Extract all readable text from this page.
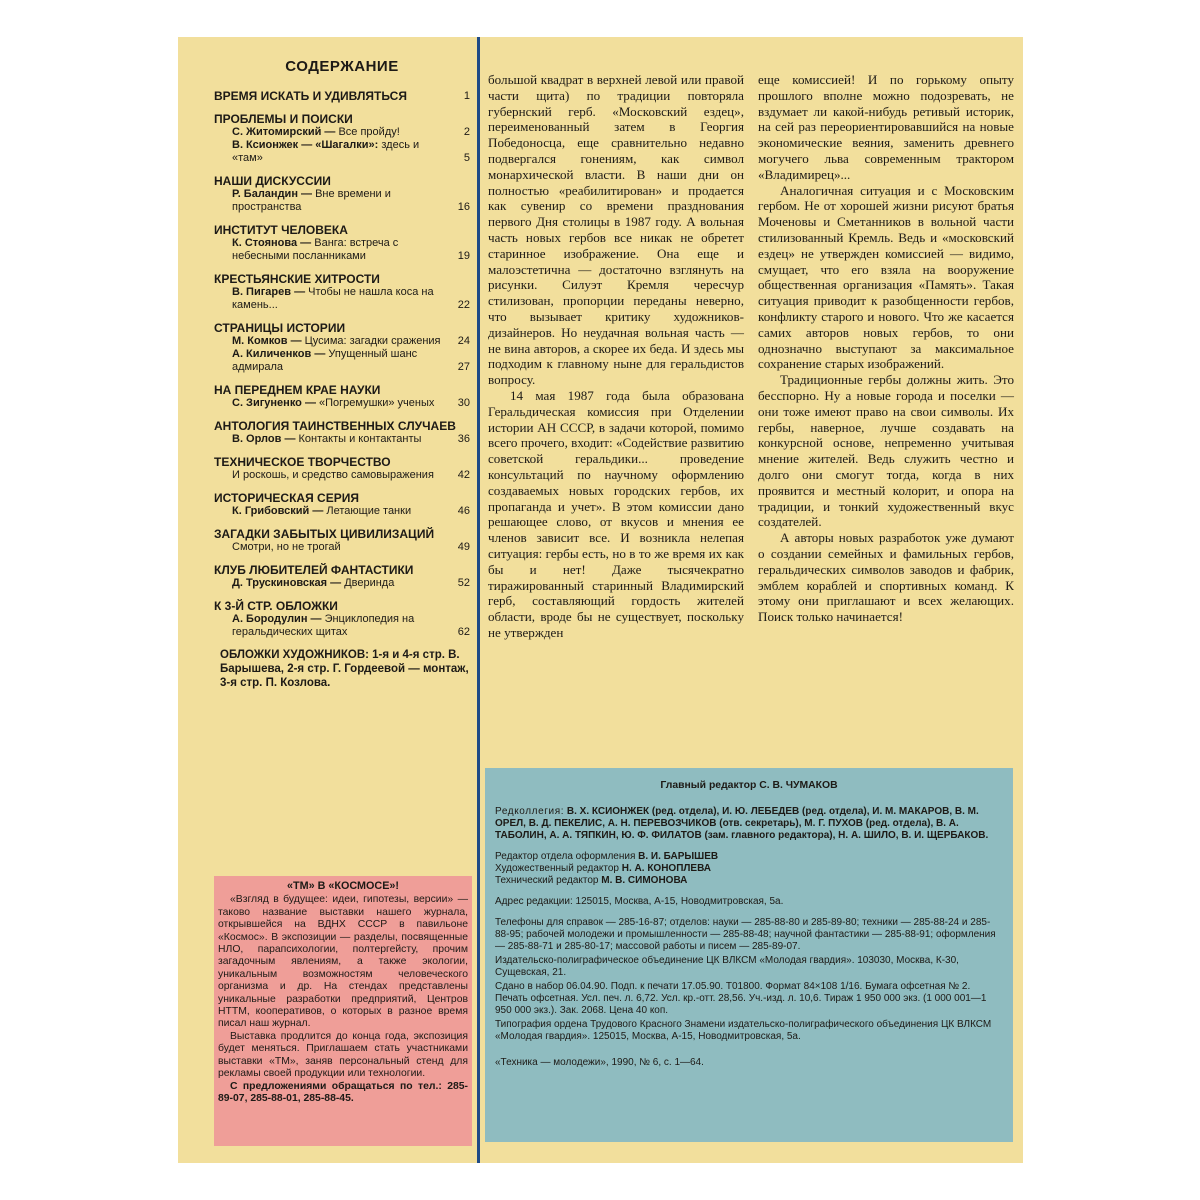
СОДЕРЖАНИЕ
ВРЕМЯ ИСКАТЬ И УДИВЛЯТЬСЯ	1
ПРОБЛЕМЫ И ПОИСКИ
С. Житомирский — Все пройду!	2
В. Ксионжек — «Шагалки»: здесь и «там»	5
НАШИ ДИСКУССИИ
Р. Баландин — Вне времени и пространства	16
ИНСТИТУТ ЧЕЛОВЕКА
К. Стоянова — Ванга: встреча с небесными посланниками	19
КРЕСТЬЯНСКИЕ ХИТРОСТИ
В. Пигарев — Чтобы не нашла коса на камень...	22
СТРАНИЦЫ ИСТОРИИ
М. Комков — Цусима: загадки сражения	24
А. Киличенков — Упущенный шанс адмирала	27
НА ПЕРЕДНЕМ КРАЕ НАУКИ
С. Зигуненко — «Погремушки» ученых	30
АНТОЛОГИЯ ТАИНСТВЕННЫХ СЛУЧАЕВ
В. Орлов — Контакты и контактанты	36
ТЕХНИЧЕСКОЕ ТВОРЧЕСТВО
И роскошь, и средство самовыражения	42
ИСТОРИЧЕСКАЯ СЕРИЯ
К. Грибовский — Летающие танки	46
ЗАГАДКИ ЗАБЫТЫХ ЦИВИЛИЗАЦИЙ
Смотри, но не трогай	49
КЛУБ ЛЮБИТЕЛЕЙ ФАНТАСТИКИ
Д. Трускиновская — Дверинда	52
К 3-Й СТР. ОБЛОЖКИ
А. Бородулин — Энциклопедия на геральдических щитах	62
ОБЛОЖКИ ХУДОЖНИКОВ: 1-я и 4-я стр. В. Барышева, 2-я стр. Г. Гордеевой — монтаж, 3-я стр. П. Козлова.
«ТМ» В «КОСМОСЕ»!

«Взгляд в будущее: идеи, гипотезы, версии» — таково название выставки нашего журнала, открывшейся на ВДНХ СССР в павильоне «Космос». В экспозиции — разделы, посвященные НЛО, парапсихологии, полтергейсту, прочим загадочным явлениям, а также экологии, уникальным возможностям человеческого организма и др. На стендах представлены уникальные разработки предприятий, Центров НТТМ, кооперативов, о которых в разное время писал наш журнал.

Выставка продлится до конца года, экспозиция будет меняться. Приглашаем стать участниками выставки «ТМ», заняв персональный стенд для рекламы своей продукции или технологии.

С предложениями обращаться по тел.: 285-89-07, 285-88-01, 285-88-45.

большой квадрат в верхней левой или правой части щита) по традиции повторяла губернский герб. «Московский ездец», переименованный затем в Георгия Победоносца, еще сравнительно недавно подвергался гонениям, как символ монархической власти. В наши дни он полностью «реабилитирован» и продается как сувенир со времени празднования первого Дня столицы в 1987 году. А вольная часть новых гербов все никак не обретет старинное изображение. Она еще и малоэстетична — достаточно взглянуть на рисунки. Силуэт Кремля чересчур стилизован, пропорции переданы неверно, что вызывает критику художников-дизайнеров. Но неудачная вольная часть — не вина авторов, а скорее их беда. И здесь мы подходим к главному ныне для геральдистов вопросу.

14 мая 1987 года была образована Геральдическая комиссия при Отделении истории АН СССР, в задачи которой, помимо всего прочего, входит: «Содействие развитию советской геральдики... проведение консультаций по научному оформлению создаваемых новых городских гербов, их пропаганда и учет». В этом комиссии дано решающее слово, от вкусов и мнения ее членов зависит все. И возникла нелепая ситуация: гербы есть, но в то же время их как бы и нет! Даже тысячекратно тиражированный старинный Владимирский герб, составляющий гордость жителей области, вроде бы не существует, поскольку не утвержден

еще комиссией! И по горькому опыту прошлого вполне можно подозревать, не вздумает ли какой-нибудь ретивый историк, на сей раз переориентировавшийся на новые экономические веяния, заменить древнего могучего льва современным трактором «Владимирец»...

Аналогичная ситуация и с Московским гербом. Не от хорошей жизни рисуют братья Моченовы и Сметанников в вольной части стилизованный Кремль. Ведь и «московский ездец» не утвержден комиссией — видимо, смущает, что его взяла на вооружение общественная организация «Память». Такая ситуация приводит к разобщенности гербов, конфликту старого и нового. Что же касается самих авторов новых гербов, то они однозначно выступают за максимальное сохранение старых изображений.

Традиционные гербы должны жить. Это бесспорно. Ну а новые города и поселки — они тоже имеют право на свои символы. Их гербы, наверное, лучше создавать на конкурсной основе, непременно учитывая мнение жителей. Ведь служить честно и долго они смогут тогда, когда в них проявится и местный колорит, и опора на традиции, и тонкий художественный вкус создателей.

А авторы новых разработок уже думают о создании семейных и фамильных гербов, геральдических символов заводов и фабрик, эмблем кораблей и спортивных команд. К этому они приглашают и всех желающих. Поиск только начинается!

Главный редактор С. В. ЧУМАКОВ

Редколлегия: В. Х. КСИОНЖЕК (ред. отдела), И. Ю. ЛЕБЕДЕВ (ред. отдела), И. М. МАКАРОВ, В. М. ОРЕЛ, В. Д. ПЕКЕЛИС, А. Н. ПЕРЕВОЗЧИКОВ (отв. секретарь), М. Г. ПУХОВ (ред. отдела), В. А. ТАБОЛИН, А. А. ТЯПКИН, Ю. Ф. ФИЛАТОВ (зам. главного редактора), Н. А. ШИЛО, В. И. ЩЕРБАКОВ.

Редактор отдела оформления В. И. БАРЫШЕВ
Художественный редактор Н. А. КОНОПЛЕВА
Технический редактор М. В. СИМОНОВА

Адрес редакции: 125015, Москва, А-15, Новодмитровская, 5а.

Телефоны для справок — 285-16-87; отделов: науки — 285-88-80 и 285-89-80; техники — 285-88-24 и 285-88-95; рабочей молодежи и промышленности — 285-88-48; научной фантастики — 285-88-91; оформления — 285-88-71 и 285-80-17; массовой работы и писем — 285-89-07.

Издательско-полиграфическое объединение ЦК ВЛКСМ «Молодая гвардия». 103030, Москва, К-30, Сущевская, 21.

Сдано в набор 06.04.90. Подп. к печати 17.05.90. Т01800. Формат 84×108 1/16. Бумага офсетная № 2. Печать офсетная. Усл. печ. л. 6,72. Усл. кр.-отт. 28,56. Уч.-изд. л. 10,6. Тираж 1 950 000 экз. (1 000 001—1 950 000 экз.). Зак. 2068. Цена 40 коп.

Типография ордена Трудового Красного Знамени издательско-полиграфического объединения ЦК ВЛКСМ «Молодая гвардия». 125015, Москва, А-15, Новодмитровская, 5а.

«Техника — молодежи», 1990, № 6, с. 1—64.
